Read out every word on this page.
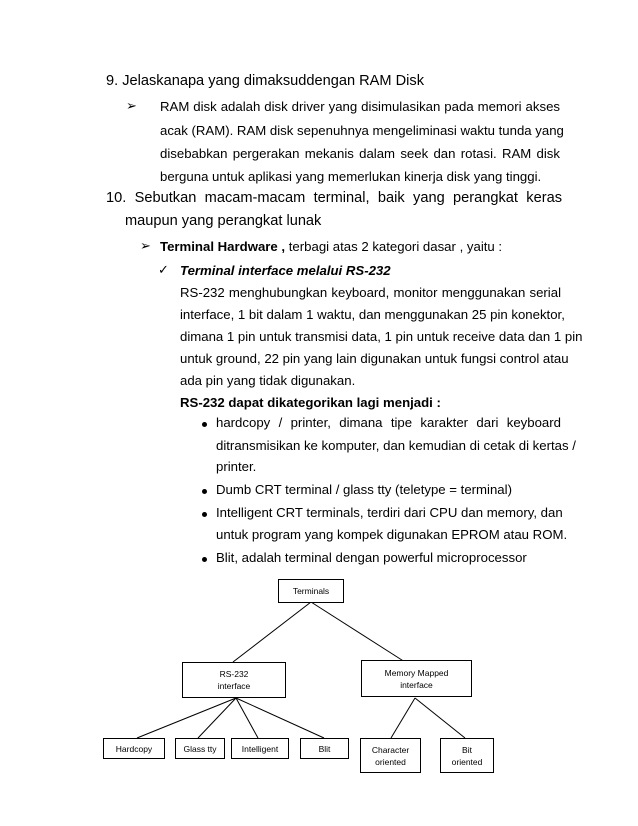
9. Jelaskanapa yang dimaksuddengan RAM Disk
➢ RAM disk adalah disk driver yang disimulasikan pada memori akses
acak (RAM). RAM disk sepenuhnya mengeliminasi waktu tunda yang
disebabkan pergerakan mekanis dalam seek dan rotasi. RAM disk
berguna untuk aplikasi yang memerlukan kinerja disk yang tinggi.
10. Sebutkan macam-macam terminal, baik yang perangkat keras
maupun yang perangkat lunak
➢ Terminal Hardware , terbagi atas 2 kategori dasar , yaitu :
✓ Terminal interface melalui RS-232
RS-232 menghubungkan keyboard, monitor menggunakan serial
interface, 1 bit dalam 1 waktu, dan menggunakan 25 pin konektor,
dimana 1 pin untuk transmisi data, 1 pin untuk receive data dan 1 pin
untuk ground, 22 pin yang lain digunakan untuk fungsi control atau
ada pin yang tidak digunakan.
RS-232 dapat dikategorikan lagi menjadi :
hardcopy / printer, dimana tipe karakter dari keyboard
ditransmisikan ke komputer, dan kemudian di cetak di kertas /
printer.
Dumb CRT terminal / glass tty (teletype = terminal)
Intelligent CRT terminals, terdiri dari CPU dan memory, dan
untuk program yang kompek digunakan EPROM atau ROM.
Blit, adalah terminal dengan powerful microprocessor
Terminals
RS-232
interface
Memory Mapped
interface
Hardcopy	Glass tty	Intelligent	Blit	Character
oriented
Bit
oriented
